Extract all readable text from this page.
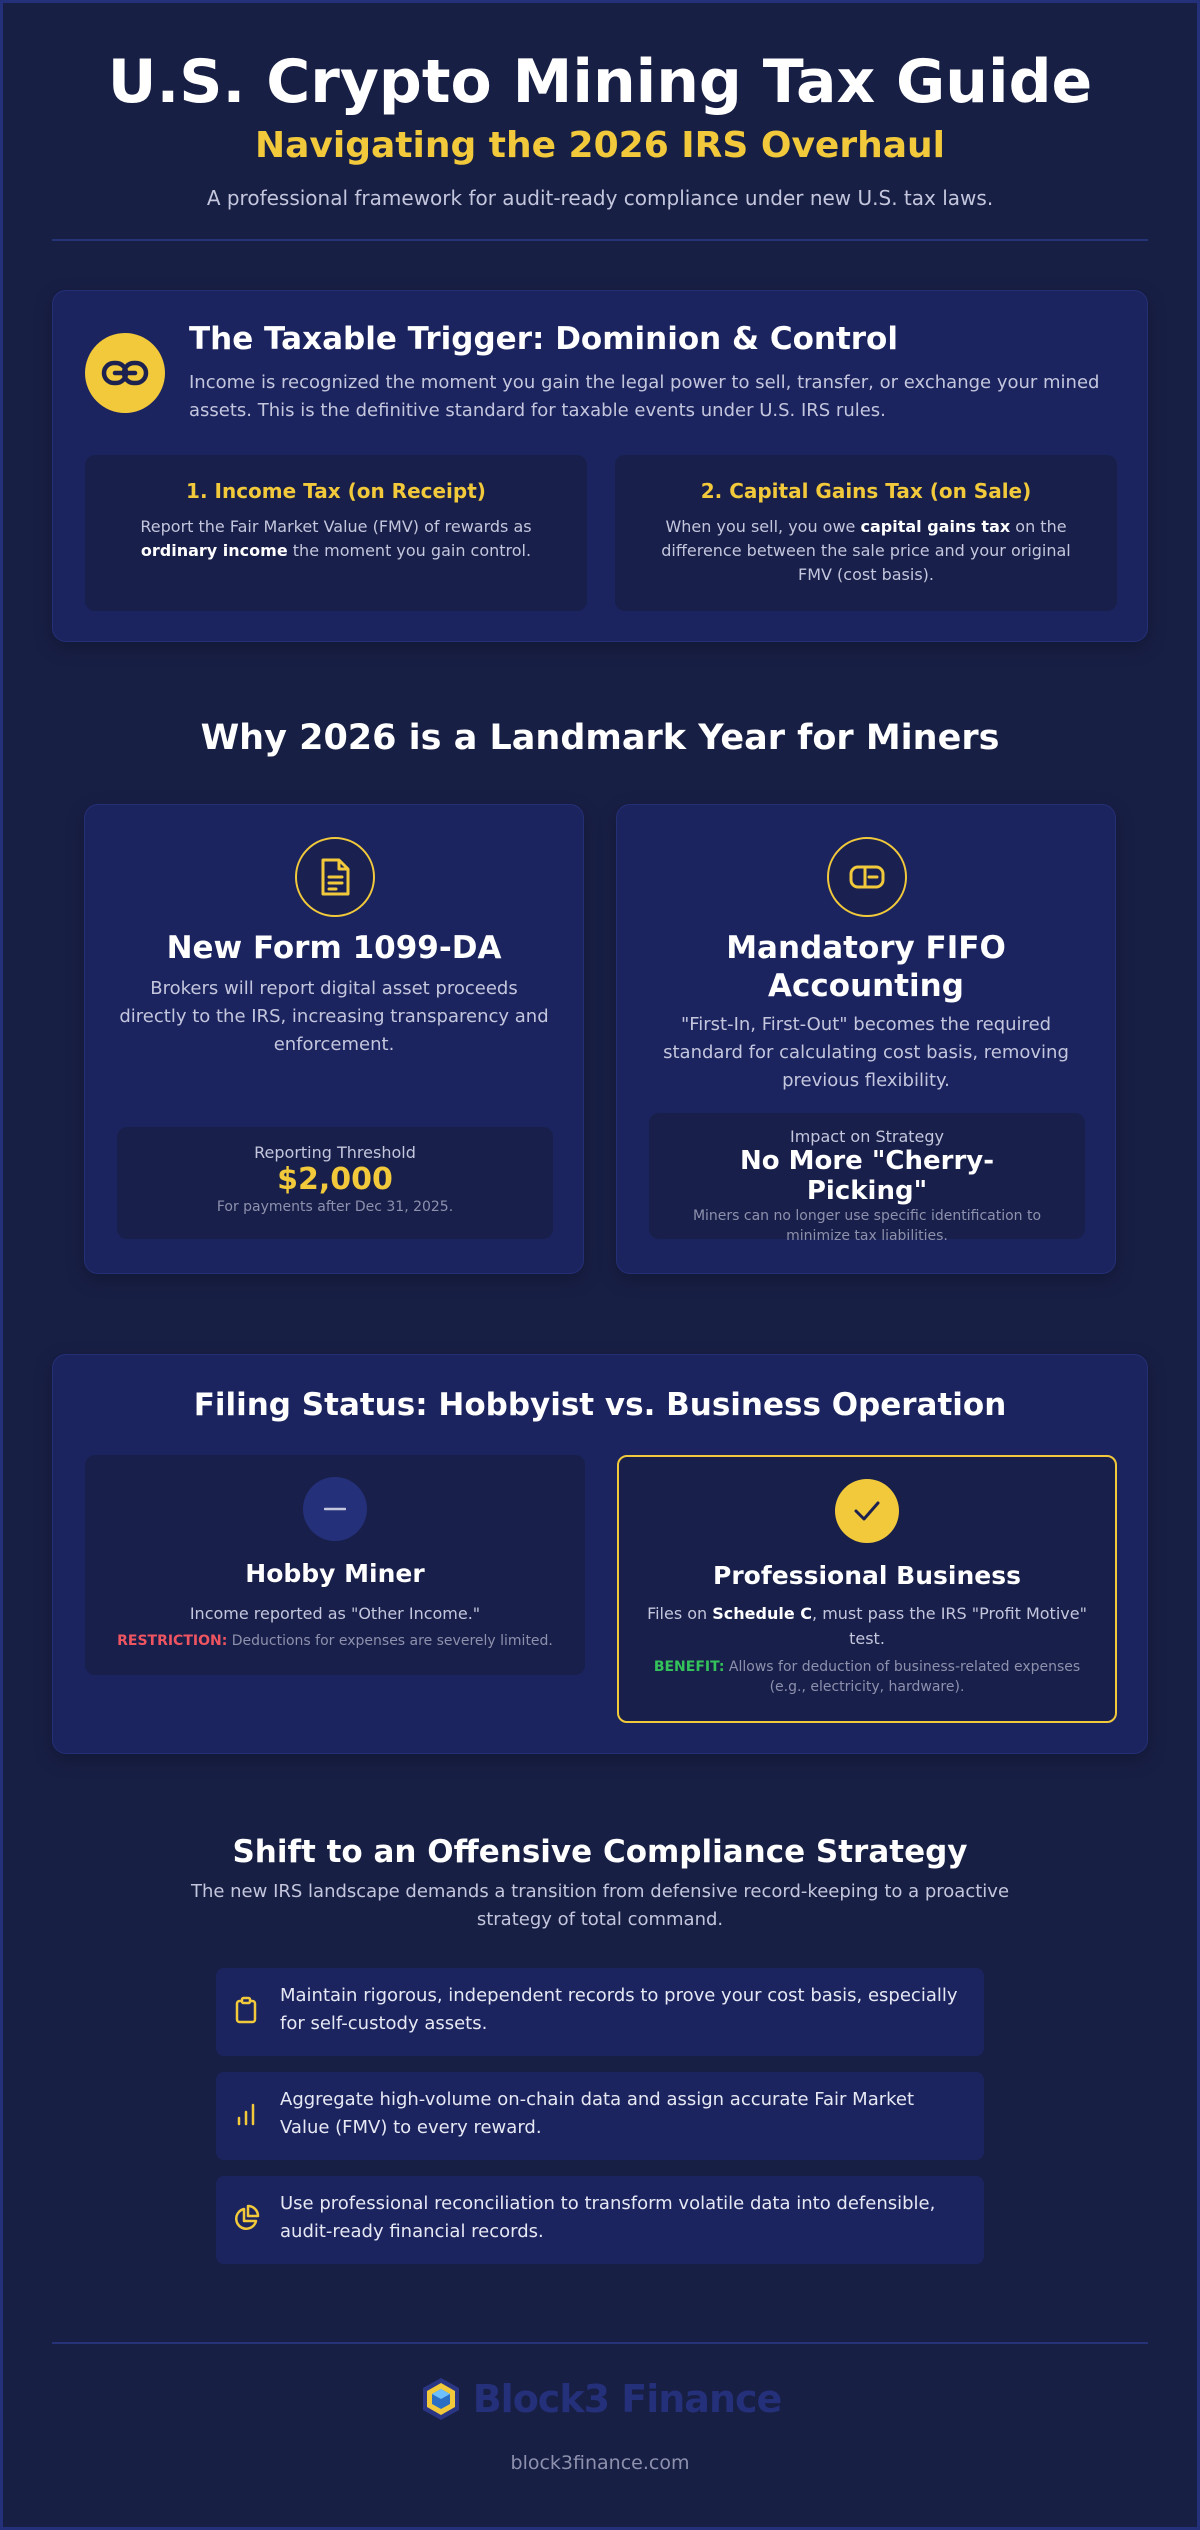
U.S. Crypto Mining Tax Guide
Navigating the 2026 IRS Overhaul
A professional framework for audit-ready compliance under new U.S. tax laws.
The Taxable Trigger: Dominion & Control
Income is recognized the moment you gain the legal power to sell, transfer, or exchange your mined assets. This is the definitive standard for taxable events under U.S. IRS rules.
1. Income Tax (on Receipt)
Report the Fair Market Value (FMV) of rewards as ordinary income the moment you gain control.
2. Capital Gains Tax (on Sale)
When you sell, you owe capital gains tax on the difference between the sale price and your original FMV (cost basis).
Why 2026 is a Landmark Year for Miners
New Form 1099-DA
Brokers will report digital asset proceeds directly to the IRS, increasing transparency and enforcement.
Reporting Threshold
$2,000
For payments after Dec 31, 2025.
Mandatory FIFO
Accounting
"First-In, First-Out" becomes the required standard for calculating cost basis, removing previous flexibility.
Impact on Strategy
No More "Cherry-Picking"
Miners can no longer use specific identification to minimize tax liabilities.
Filing Status: Hobbyist vs. Business Operation
Hobby Miner
Income reported as "Other Income."
RESTRICTION: Deductions for expenses are severely limited.
Professional Business
Files on Schedule C, must pass the IRS "Profit Motive" test.
BENEFIT: Allows for deduction of business-related expenses (e.g., electricity, hardware).
Shift to an Offensive Compliance Strategy
The new IRS landscape demands a transition from defensive record-keeping to a proactive strategy of total command.
Maintain rigorous, independent records to prove your cost basis, especially for self-custody assets.
Aggregate high-volume on-chain data and assign accurate Fair Market Value (FMV) to every reward.
Use professional reconciliation to transform volatile data into defensible, audit-ready financial records.
Block3 Finance
block3finance.com
